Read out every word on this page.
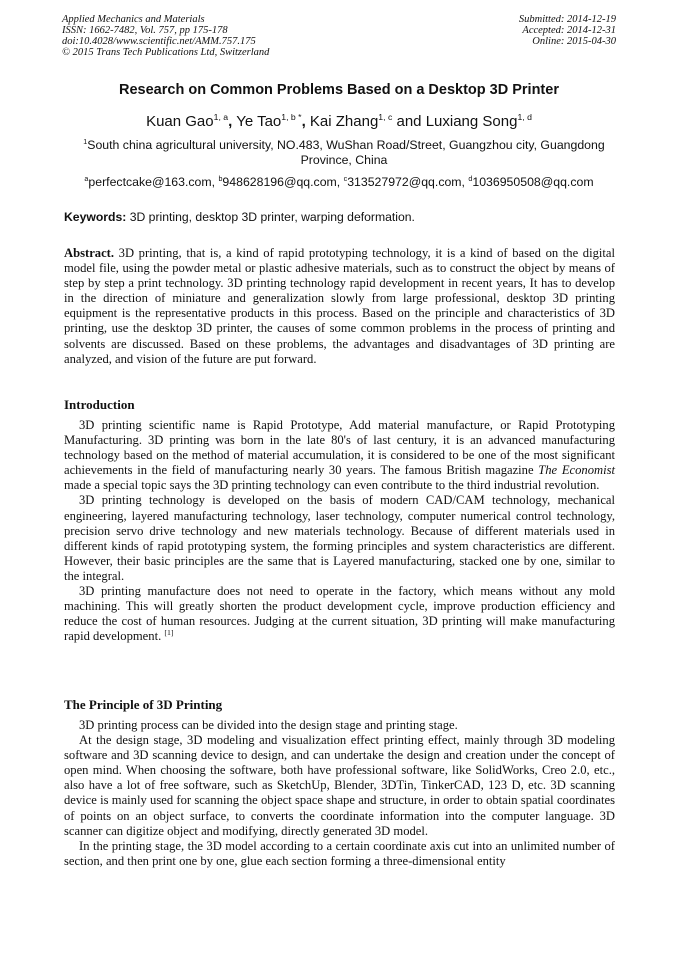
Applied Mechanics and Materials
ISSN: 1662-7482, Vol. 757, pp 175-178
doi:10.4028/www.scientific.net/AMM.757.175
© 2015 Trans Tech Publications Ltd, Switzerland
Submitted: 2014-12-19
Accepted: 2014-12-31
Online: 2015-04-30
Research on Common Problems Based on a Desktop 3D Printer
Kuan Gao$^{1, a}$, Ye Tao$^{1, b *}$, Kai Zhang$^{1, c}$ and Luxiang Song$^{1, d}$
$^1$South china agricultural university, NO.483, WuShan Road/Street, Guangzhou city, Guangdong Province, China
$^a$perfectcake@163.com, $^b$948628196@qq.com, $^c$313527972@qq.com, $^d$1036950508@qq.com
Keywords: 3D printing, desktop 3D printer, warping deformation.

Abstract. 3D printing, that is, a kind of rapid prototyping technology, it is a kind of based on the digital model file, using the powder metal or plastic adhesive materials, such as to construct the object by means of step by step a print technology. 3D printing technology rapid development in recent years, It has to develop in the direction of miniature and generalization slowly from large professional, desktop 3D printing equipment is the representative products in this process. Based on the principle and characteristics of 3D printing, use the desktop 3D printer, the causes of some common problems in the process of printing and solvents are discussed. Based on these problems, the advantages and disadvantages of 3D printing are analyzed, and vision of the future are put forward.

Introduction

3D printing scientific name is Rapid Prototype, Add material manufacture, or Rapid Prototyping Manufacturing. 3D printing was born in the late 80's of last century, it is an advanced manufacturing technology based on the method of material accumulation, it is considered to be one of the most significant achievements in the field of manufacturing nearly 30 years. The famous British magazine The Economist made a special topic says the 3D printing technology can even contribute to the third industrial revolution.

3D printing technology is developed on the basis of modern CAD/CAM technology, mechanical engineering, layered manufacturing technology, laser technology, computer numerical control technology, precision servo drive technology and new materials technology. Because of different materials used in different kinds of rapid prototyping system, the forming principles and system characteristics are different. However, their basic principles are the same that is Layered manufacturing, stacked one by one, similar to the integral.

3D printing manufacture does not need to operate in the factory, which means without any mold machining. This will greatly shorten the product development cycle, improve production efficiency and reduce the cost of human resources. Judging at the current situation, 3D printing will make manufacturing rapid development. [1]

The Principle of 3D Printing

3D printing process can be divided into the design stage and printing stage.

At the design stage, 3D modeling and visualization effect printing effect, mainly through 3D modeling software and 3D scanning device to design, and can undertake the design and creation under the concept of open mind. When choosing the software, both have professional software, like SolidWorks, Creo 2.0, etc., also have a lot of free software, such as SketchUp, Blender, 3DTin, TinkerCAD, 123 D, etc. 3D scanning device is mainly used for scanning the object space shape and structure, in order to obtain spatial coordinates of points on an object surface, to converts the coordinate information into the computer language. 3D scanner can digitize object and modifying, directly generated 3D model.

In the printing stage, the 3D model according to a certain coordinate axis cut into an unlimited number of section, and then print one by one, glue each section forming a three-dimensional entity
